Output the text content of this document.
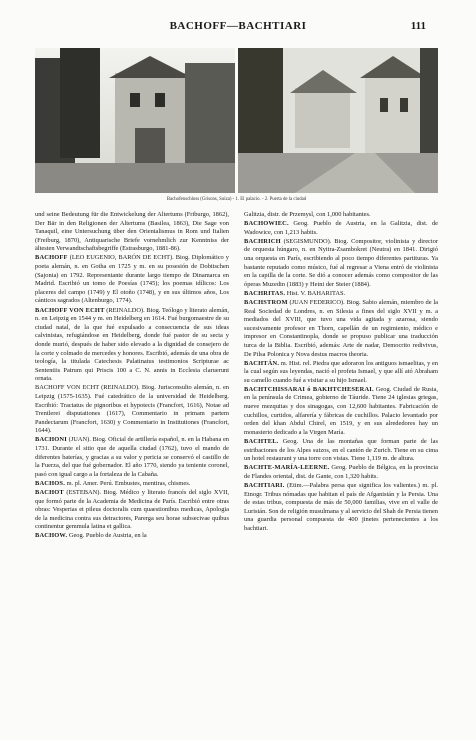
BACHOFF—BACHTIARI	111
Bachofenschloss (Grisons, Suiza) - 1. El palacio. - 2. Puerta de la ciudad

und seine Bedeutung für die Entwickelung der Altertums (Friburgo, 1862), Der Bär in den Religionen der Altertums (Basilea, 1863), Die Sage von Tanaquil, eine Untersuchung über den Orientalismus in Rom und Italien (Freiburg, 1870), Antiquarische Briefe vornehmlich zur Kenntniss der ältesten Verwandtschaftsbegriffe (Estrasburgo, 1881-86).

BACHOFF (LEO EUGENIO, BARÓN DE ECHT). Biog. Diplomático y poeta alemán, n. en Gotha en 1725 y m. en su posesión de Dobitschen (Sajonia) en 1792. Representante durante largo tiempo de Dinamarca en Madrid. Escribió un tomo de Poesías (1745); los poemas idílicos: Los placeres del campo (1749) y El otoño (1748), y en sus últimos años, Los cánticos sagrados (Altenburgo, 1774).

BACHOFF VON ECHT (REINALDO). Biog. Teólogo y literato alemán, n. en Leipzig en 1544 y m. en Heidelberg en 1614. Fué burgomaestre de su ciudad natal, de la que fué expulsado a consecuencia de sus ideas calvinistas, refugiándose en Heidelberg, donde fué pastor de su secta y donde murió, después de haber sido elevado a la dignidad de consejero de la corte y colmado de mercedes y honores. Escribió, además de una obra de teología, la titulada Catechesis Palatinatus testimonios Scripturae ac Sententiis Patrum qui Priscis 100 a C. N. annis in Ecclesia claruerunt ornata.

BACHOFF VON ECHT (REINALDO). Biog. Jurisconsulto alemán, n. en Leipzig (1575-1635). Fué catedrático de la universidad de Heidelberg. Escribió: Tractatus de pignoribus et hypotecis (Francfort, 1616), Notae ad Trentlerei disputationes (1617), Commentario in primam partem Pandectarum (Francfort, 1630) y Commentario in Institutiones (Francfort, 1644).

BACHONI (JUAN). Biog. Oficial de artillería español, n. en la Habana en 1731. Durante el sitio que de aquella ciudad (1762), tuvo el mando de diferentes baterías, y gracias a su valor y pericia se conservó el castillo de la Fuerza, del que fué gobernador. El año 1770, siendo ya teniente coronel, pasó con igual cargo a la fortaleza de la Cabaña.

BACHOS. m. pl. Amer. Perú. Embustes, mentiras, chismes.

BACHOT (ESTEBAN). Biog. Médico y literato francés del siglo XVII, que formó parte de la Academia de Medicina de París. Escribió entre otras obras: Vesperias et pileus doctoralis cum quaestionibus medicas, Apologia de la medicina contra sus detractores, Parerga seu horae subsecivae quibus continentur gemmula latina et gallica.

BACHOW. Geog. Pueblo de Austria, en la

Galitzia, distr. de Przemysl, con 1,000 habitantes.

BACHOWIEC. Geog. Pueblo de Austria, en la Galitzia, dist. de Wadowice, con 1,213 habits.

BACHRICH (SEGISMUNDO). Biog. Compositor, violinista y director de orquesta húngaro, n. en Nyitra-Zsambokret (Neutra) en 1841. Dirigió una orquesta en París, escribiendo al poco tiempo diferentes partituras. Ya bastante reputado como músico, fué al regresar a Viena entró de violinista en la capilla de la corte. Se dió a conocer además como compositor de las óperas Muzedin (1883) y Heini der Steier (1884).

BACHRITAS. Hist. V. BAHARITAS.

BACHSTROM (JUAN FEDERICO). Biog. Sabio alemán, miembro de la Real Sociedad de Londres, n. en Silesia a fines del siglo XVII y m. a mediados del XVIII, que tuvo una vida agitada y azarosa, siendo sucesivamente profesor en Thorn, capellán de un regimiento, médico e impresor en Constantinopla, donde se propuso publicar una traducción turca de la Biblia. Escribió, además: Arte de nadar, Democrito redivivus, De Pilsa Polonica y Nova destus macros theoria.

BACHTÁN. m. Hist. rel. Piedra que adoraron los antiguos ismaelitas, y en la cual según sus leyendas, nació el profeta Ismael, y que allí ató Abraham su camello cuando fué a visitar a su hijo Ismael.

BACHTCHISSARAI ó BAKHTCHESERAI. Geog. Ciudad de Rusia, en la península de Crimea, gobierno de Táuride. Tiene 24 iglesias griegas, nueve mezquitas y dos sinagogas, con 12,600 habitantes. Fabricación de cuchillos, curtidos, alfarería y fábricas de cuchillos. Palacio levantado por orden del khan Abdul Chirel, en 1519, y en sus alrededores hay un monasterio dedicado a la Virgen María.

BACHTEL. Geog. Una de las montañas que forman parte de las estribaciones de los Alpes suizos, en el cantón de Zurich. Tiene en su cima un hotel restaurant y una torre con vistas. Tiene 1,119 m. de altura.

BACHTE-MARÍA-LEERNE. Geog. Pueblo de Bélgica, en la provincia de Flandes oriental, dist. de Gante, con 1,320 habits.

BACHTIARI. (Etim.—Palabra persa que significa los valientes.) m. pl. Etnogr. Tribus nómadas que habitan el país de Afganistán y la Persia. Una de estas tribus, compuesta de más de 50,000 familias, vive en el valle de Luristán. Son de religión musulmana y al servicio del Shah de Persia tienen una guardia personal compuesta de 400 jinetes pertenecientes a los bachtiari.
